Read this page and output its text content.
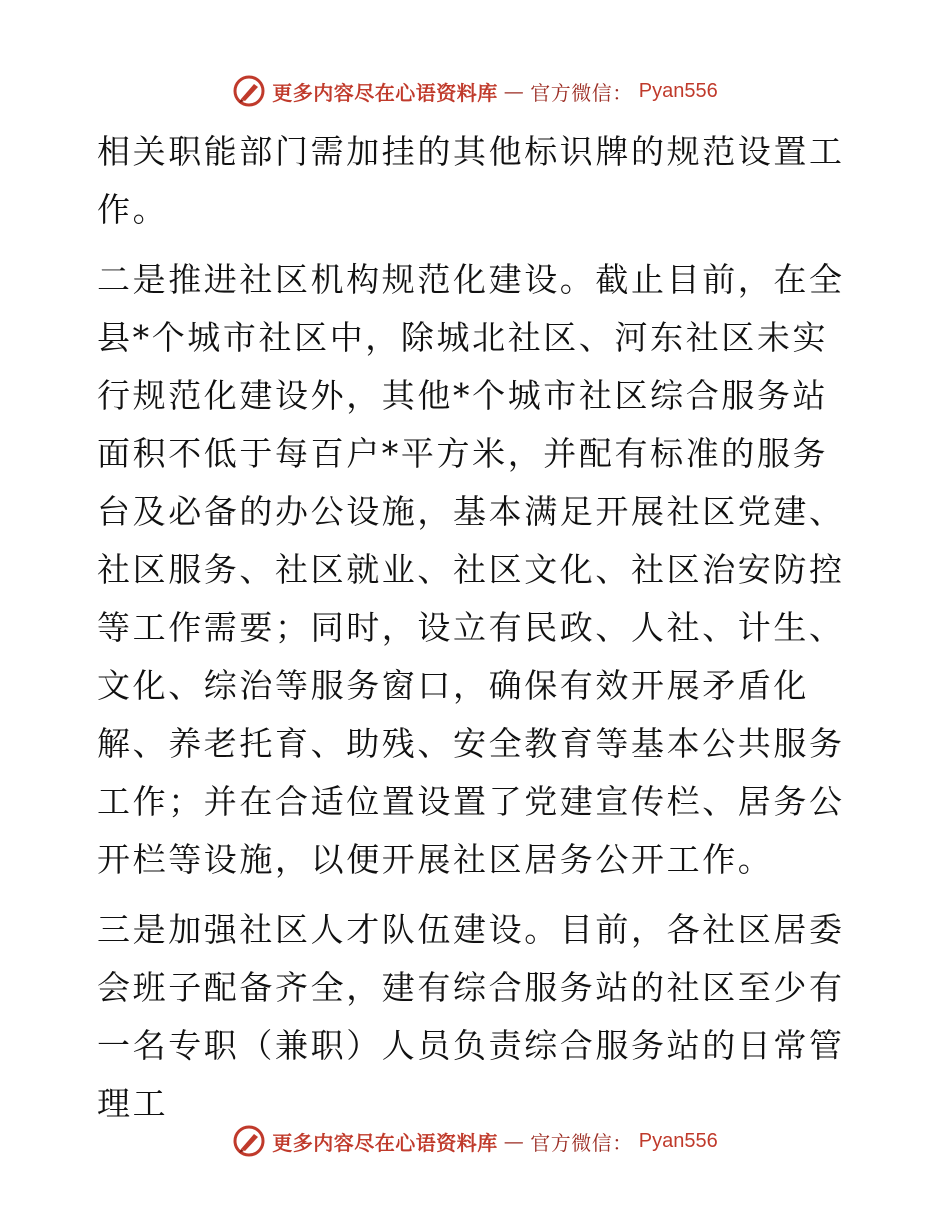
更多内容尽在心语资料库 — 官方微信： Pyan556

相关职能部门需加挂的其他标识牌的规范设置工作。

二是推进社区机构规范化建设。截止目前，在全县*个城市社区中，除城北社区、河东社区未实行规范化建设外，其他*个城市社区综合服务站面积不低于每百户*平方米，并配有标准的服务台及必备的办公设施，基本满足开展社区党建、社区服务、社区就业、社区文化、社区治安防控等工作需要；同时，设立有民政、人社、计生、文化、综治等服务窗口，确保有效开展矛盾化解、养老托育、助残、安全教育等基本公共服务工作；并在合适位置设置了党建宣传栏、居务公开栏等设施，以便开展社区居务公开工作。

三是加强社区人才队伍建设。目前，各社区居委会班子配备齐全，建有综合服务站的社区至少有一名专职（兼职）人员负责综合服务站的日常管理工

更多内容尽在心语资料库 — 官方微信： Pyan556
